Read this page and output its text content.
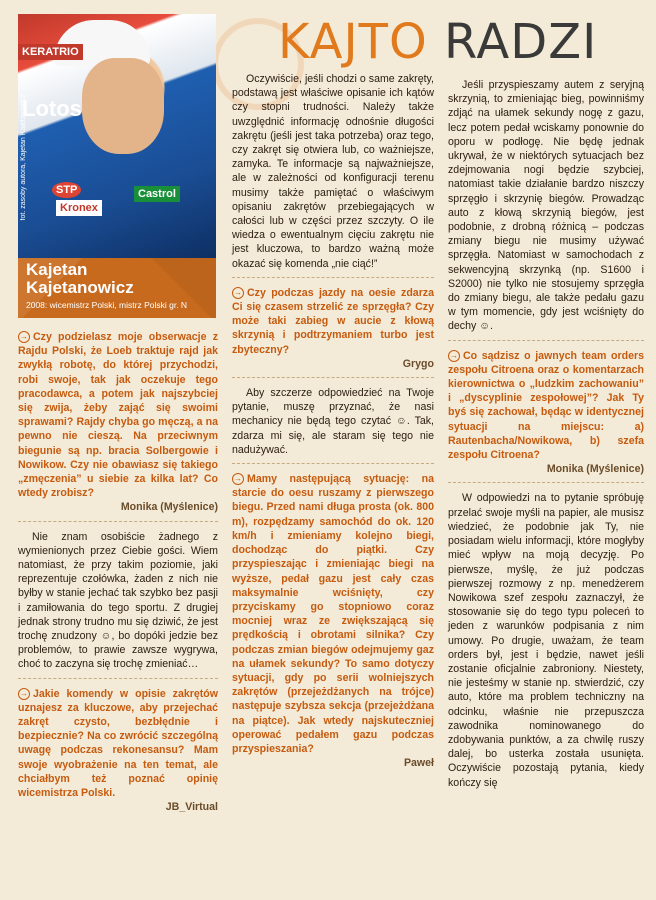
KAJTO RADZI
KERATRIO
Lotos
STP	Castrol
Kronex
fot. zasoby autora, Kajetan Kajetanowicz
Kajetan
Kajetanowicz
2008: wicemistrz Polski, mistrz Polski gr. N

→ Czy podzielasz moje obserwacje z Rajdu Polski, że Loeb traktuje rajd jak zwykłą robotę, do której przychodzi, robi swoje, tak jak oczekuje tego pracodawca, a potem jak najszybciej się zwija, żeby zająć się swoimi sprawami? Rajdy chyba go męczą, a na pewno nie cieszą. Na przeciwnym biegunie są np. bracia Solbergowie i Nowikow. Czy nie obawiasz się takiego „zmęczenia” u siebie za kilka lat? Co wtedy zrobisz?

Monika (Myślenice)

Nie znam osobiście żadnego z wymienionych przez Ciebie gości. Wiem natomiast, że przy takim poziomie, jaki reprezentuje czołówka, żaden z nich nie byłby w stanie jechać tak szybko bez pasji i zamiłowania do tego sportu. Z drugiej jednak strony trudno mu się dziwić, że jest trochę znudzony ☺, bo dopóki jedzie bez problemów, to prawie zawsze wygrywa, choć to zaczyna się trochę zmieniać…

→ Jakie komendy w opisie zakrętów uznajesz za kluczowe, aby przejechać zakręt czysto, bezbłędnie i bezpiecznie? Na co zwrócić szczególną uwagę podczas rekonesansu? Mam swoje wyobrażenie na ten temat, ale chciałbym też poznać opinię wicemistrza Polski.

JB_Virtual

Oczywiście, jeśli chodzi o same zakręty, podstawą jest właściwe opisanie ich kątów czy stopni trudności. Należy także uwzględnić informację odnośnie długości zakrętu (jeśli jest taka potrzeba) oraz tego, czy zakręt się otwiera lub, co ważniejsze, zamyka. Te informacje są najważniejsze, ale w zależności od konfiguracji terenu musimy także pamiętać o właściwym opisaniu zakrętów przebiegających w całości lub w części przez szczyty. O ile wiedza o ewentualnym cięciu zakrętu nie jest kluczowa, to bardzo ważną może okazać się komenda „nie ciąć!”

→ Czy podczas jazdy na oesie zdarza Ci się czasem strzelić ze sprzęgła? Czy może taki zabieg w aucie z kłową skrzynią i podtrzymaniem turbo jest zbyteczny?

Grygo

Aby szczerze odpowiedzieć na Twoje pytanie, muszę przyznać, że nasi mechanicy nie będą tego czytać ☺. Tak, zdarza mi się, ale staram się tego nie nadużywać.

→ Mamy następującą sytuację: na starcie do oesu ruszamy z pierwszego biegu. Przed nami długa prosta (ok. 800 m), rozpędzamy samochód do ok. 120 km/h i zmieniamy kolejno biegi, dochodząc do piątki. Czy przyspieszając i zmieniając biegi na wyższe, pedał gazu jest cały czas maksymalnie wciśnięty, czy przyciskamy go stopniowo coraz mocniej wraz ze zwiększającą się prędkością i obrotami silnika? Czy podczas zmian biegów odejmujemy gaz na ułamek sekundy? To samo dotyczy sytuacji, gdy po serii wolniejszych zakrętów (przejeżdżanych na trójce) następuje szybsza sekcja (przejeżdżana na piątce). Jak wtedy najskuteczniej operować pedałem gazu podczas przyspieszania?

Paweł

Jeśli przyspieszamy autem z seryjną skrzynią, to zmieniając bieg, powinniśmy zdjąć na ułamek sekundy nogę z gazu, lecz potem pedał wciskamy ponownie do oporu w podłogę. Nie będę jednak ukrywał, że w niektórych sytuacjach bez zdejmowania nogi będzie szybciej, natomiast takie działanie bardzo niszczy sprzęgło i skrzynię biegów. Prowadząc auto z kłową skrzynią biegów, jest podobnie, z drobną różnicą – podczas zmiany biegu nie musimy używać sprzęgła. Natomiast w samochodach z sekwencyjną skrzynką (np. S1600 i S2000) nie tylko nie stosujemy sprzęgła do zmiany biegu, ale także pedału gazu w tym momencie, gdy jest wciśnięty do dechy ☺.

→ Co sądzisz o jawnych team orders zespołu Citroena oraz o komentarzach kierownictwa o „ludzkim zachowaniu” i „dyscyplinie zespołowej”? Jak Ty byś się zachował, będąc w identycznej sytuacji na miejscu: a) Rautenbacha/Nowikowa, b) szefa zespołu Citroena?

Monika (Myślenice)

W odpowiedzi na to pytanie spróbuję przelać swoje myśli na papier, ale musisz wiedzieć, że podobnie jak Ty, nie posiadam wielu informacji, które mogłyby mieć wpływ na moją decyzję. Po pierwsze, myślę, że już podczas pierwszej rozmowy z np. menedżerem Nowikowa szef zespołu zaznaczył, że stosowanie się do tego typu poleceń to jeden z warunków podpisania z nim umowy. Po drugie, uważam, że team orders był, jest i będzie, nawet jeśli zostanie oficjalnie zabroniony. Niestety, nie jesteśmy w stanie np. stwierdzić, czy auto, które ma problem techniczny na odcinku, właśnie nie przepuszcza zawodnika nominowanego do zdobywania punktów, a za chwilę ruszy dalej, bo usterka została usunięta. Oczywiście pozostają pytania, kiedy kończy się
